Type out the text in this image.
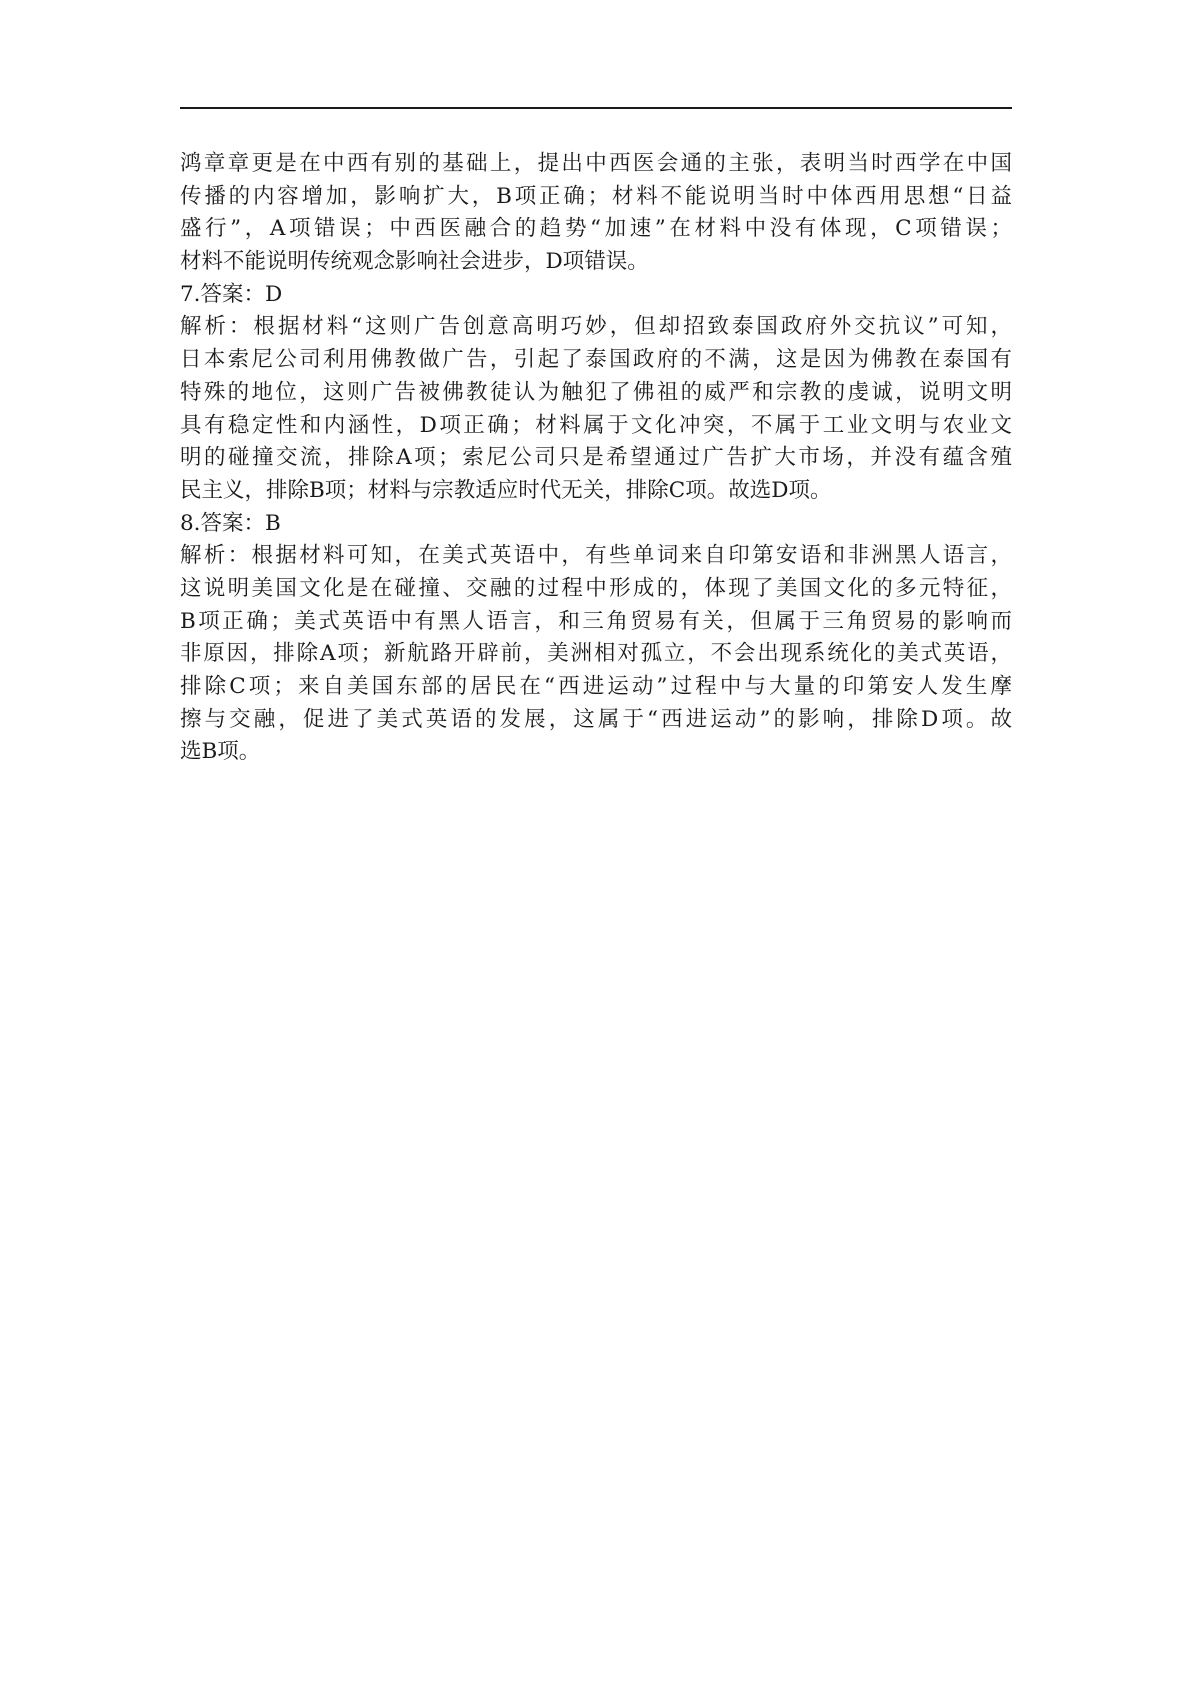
鸿章章更是在中西有别的基础上，提出中西医会通的主张，表明当时西学在中国
传播的内容增加，影响扩大，B项正确；材料不能说明当时中体西用思想“日益
盛行”，A项错误；中西医融合的趋势“加速”在材料中没有体现，C项错误；
材料不能说明传统观念影响社会进步，D项错误。
7.答案：D
解析：根据材料“这则广告创意高明巧妙，但却招致泰国政府外交抗议”可知，
日本索尼公司利用佛教做广告，引起了泰国政府的不满，这是因为佛教在泰国有
特殊的地位，这则广告被佛教徒认为触犯了佛祖的威严和宗教的虔诚，说明文明
具有稳定性和内涵性，D项正确；材料属于文化冲突，不属于工业文明与农业文
明的碰撞交流，排除A项；索尼公司只是希望通过广告扩大市场，并没有蕴含殖
民主义，排除B项；材料与宗教适应时代无关，排除C项。故选D项。
8.答案：B
解析：根据材料可知，在美式英语中，有些单词来自印第安语和非洲黑人语言，
这说明美国文化是在碰撞、交融的过程中形成的，体现了美国文化的多元特征，
B项正确；美式英语中有黑人语言，和三角贸易有关，但属于三角贸易的影响而
非原因，排除A项；新航路开辟前，美洲相对孤立，不会出现系统化的美式英语，
排除C项；来自美国东部的居民在“西进运动”过程中与大量的印第安人发生摩
擦与交融，促进了美式英语的发展，这属于“西进运动”的影响，排除D项。故
选B项。
